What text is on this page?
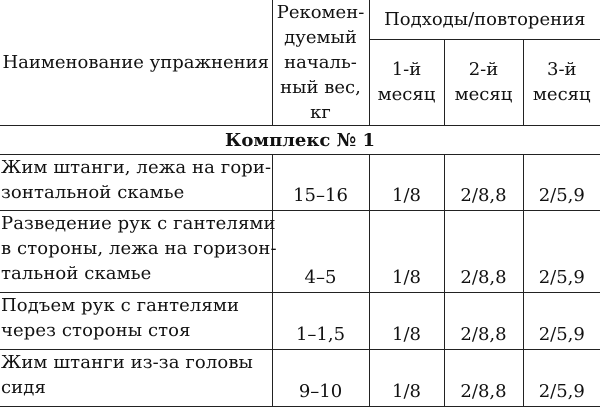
Наименование упражнения	Рекомен-
дуемый
началь-
ный вес,
кг	Подходы/повторения		

		1-й
месяц	2-й
месяц	3-й
месяц

Комплекс № 1				

Жим штанги, лежа на гори-
зонтальной скамье	15–16	1/8	2/8,8	2/5,9

Разведение рук с гантелями
в стороны, лежа на горизон-
тальной скамье	4–5	1/8	2/8,8	2/5,9

Подъем рук с гантелями
через стороны стоя	1–1,5	1/8	2/8,8	2/5,9

Жим штанги из-за головы
сидя	9–10	1/8	2/8,8	2/5,9
